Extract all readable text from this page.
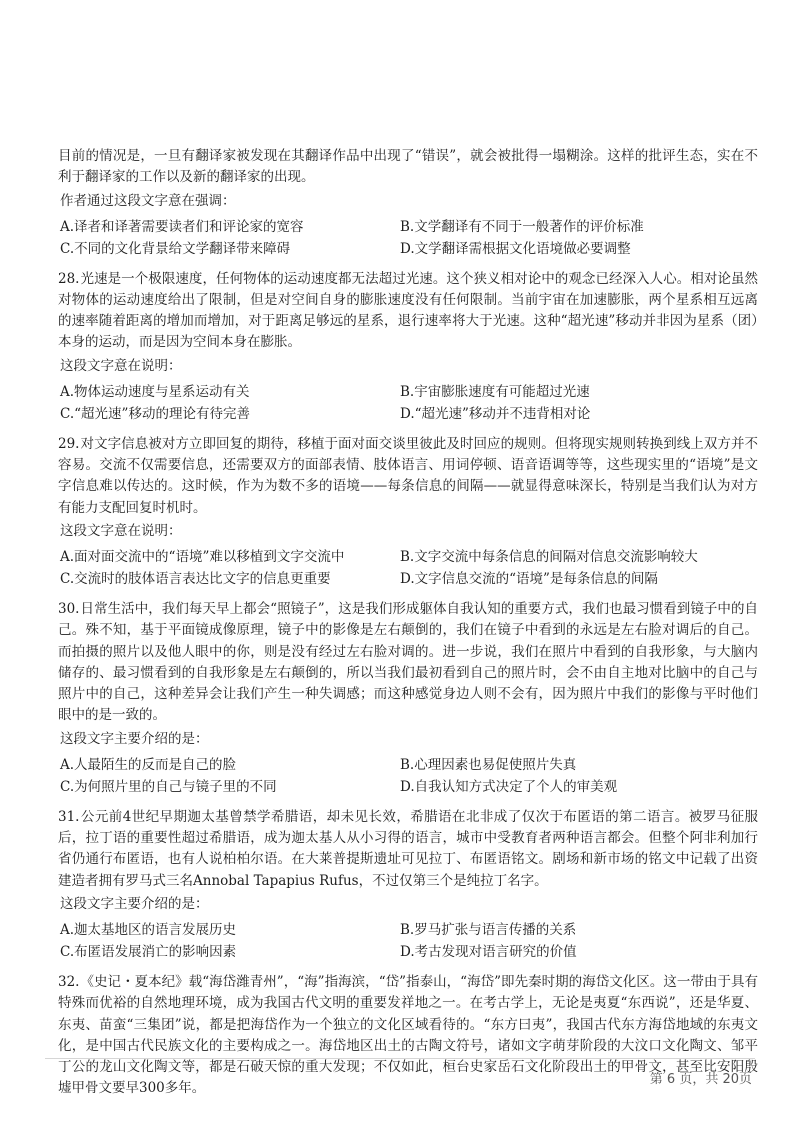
目前的情况是，一旦有翻译家被发现在其翻译作品中出现了“错误”，就会被批得一塌糊涂。这样的批评生态，实在不利于翻译家的工作以及新的翻译家的出现。

作者通过这段文字意在强调：

A.译者和译著需要读者们和评论家的宽容	B.文学翻译有不同于一般著作的评价标准
C.不同的文化背景给文学翻译带来障碍	D.文学翻译需根据文化语境做必要调整

28.光速是一个极限速度，任何物体的运动速度都无法超过光速。这个狭义相对论中的观念已经深入人心。相对论虽然对物体的运动速度给出了限制，但是对空间自身的膨胀速度没有任何限制。当前宇宙在加速膨胀，两个星系相互远离的速率随着距离的增加而增加，对于距离足够远的星系，退行速率将大于光速。这种“超光速”移动并非因为星系（团）本身的运动，而是因为空间本身在膨胀。

这段文字意在说明：

A.物体运动速度与星系运动有关	B.宇宙膨胀速度有可能超过光速
C.“超光速”移动的理论有待完善	D.“超光速”移动并不违背相对论

29.对文字信息被对方立即回复的期待，移植于面对面交谈里彼此及时回应的规则。但将现实规则转换到线上双方并不容易。交流不仅需要信息，还需要双方的面部表情、肢体语言、用词停顿、语音语调等等，这些现实里的“语境”是文字信息难以传达的。这时候，作为为数不多的语境——每条信息的间隔——就显得意味深长，特别是当我们认为对方有能力支配回复时机时。

这段文字意在说明：

A.面对面交流中的“语境”难以移植到文字交流中	B.文字交流中每条信息的间隔对信息交流影响较大
C.交流时的肢体语言表达比文字的信息更重要	D.文字信息交流的“语境”是每条信息的间隔

30.日常生活中，我们每天早上都会“照镜子”，这是我们形成躯体自我认知的重要方式，我们也最习惯看到镜子中的自己。殊不知，基于平面镜成像原理，镜子中的影像是左右颠倒的，我们在镜子中看到的永远是左右脸对调后的自己。而拍摄的照片以及他人眼中的你，则是没有经过左右脸对调的。进一步说，我们在照片中看到的自我形象，与大脑内储存的、最习惯看到的自我形象是左右颠倒的，所以当我们最初看到自己的照片时，会不由自主地对比脑中的自己与照片中的自己，这种差异会让我们产生一种失调感；而这种感觉身边人则不会有，因为照片中我们的影像与平时他们眼中的是一致的。

这段文字主要介绍的是：

A.人最陌生的反而是自己的脸	B.心理因素也易促使照片失真
C.为何照片里的自己与镜子里的不同	D.自我认知方式决定了个人的审美观

31.公元前4世纪早期迦太基曾禁学希腊语，却未见长效，希腊语在北非成了仅次于布匿语的第二语言。被罗马征服后，拉丁语的重要性超过希腊语，成为迦太基人从小习得的语言，城市中受教育者两种语言都会。但整个阿非利加行省仍通行布匿语，也有人说柏柏尔语。在大莱普提斯遗址可见拉丁、布匿语铭文。剧场和新市场的铭文中记载了出资建造者拥有罗马式三名Annobal Tapapius Rufus，不过仅第三个是纯拉丁名字。

这段文字主要介绍的是：

A.迦太基地区的语言发展历史	B.罗马扩张与语言传播的关系
C.布匿语发展消亡的影响因素	D.考古发现对语言研究的价值

32.《史记・夏本纪》载“海岱潍青州”，“海”指海滨，“岱”指泰山，“海岱”即先秦时期的海岱文化区。这一带由于具有特殊而优裕的自然地理环境，成为我国古代文明的重要发祥地之一。在考古学上，无论是夷夏“东西说”，还是华夏、东夷、苗蛮“三集团”说，都是把海岱作为一个独立的文化区域看待的。“东方曰夷”，我国古代东方海岱地域的东夷文化，是中国古代民族文化的主要构成之一。海岱地区出土的古陶文符号，诸如文字萌芽阶段的大汶口文化陶文、邹平丁公的龙山文化陶文等，都是石破天惊的重大发现；不仅如此，桓台史家岳石文化阶段出土的甲骨文，甚至比安阳殷墟甲骨文要早300多年。

第 6 页，共 20页
